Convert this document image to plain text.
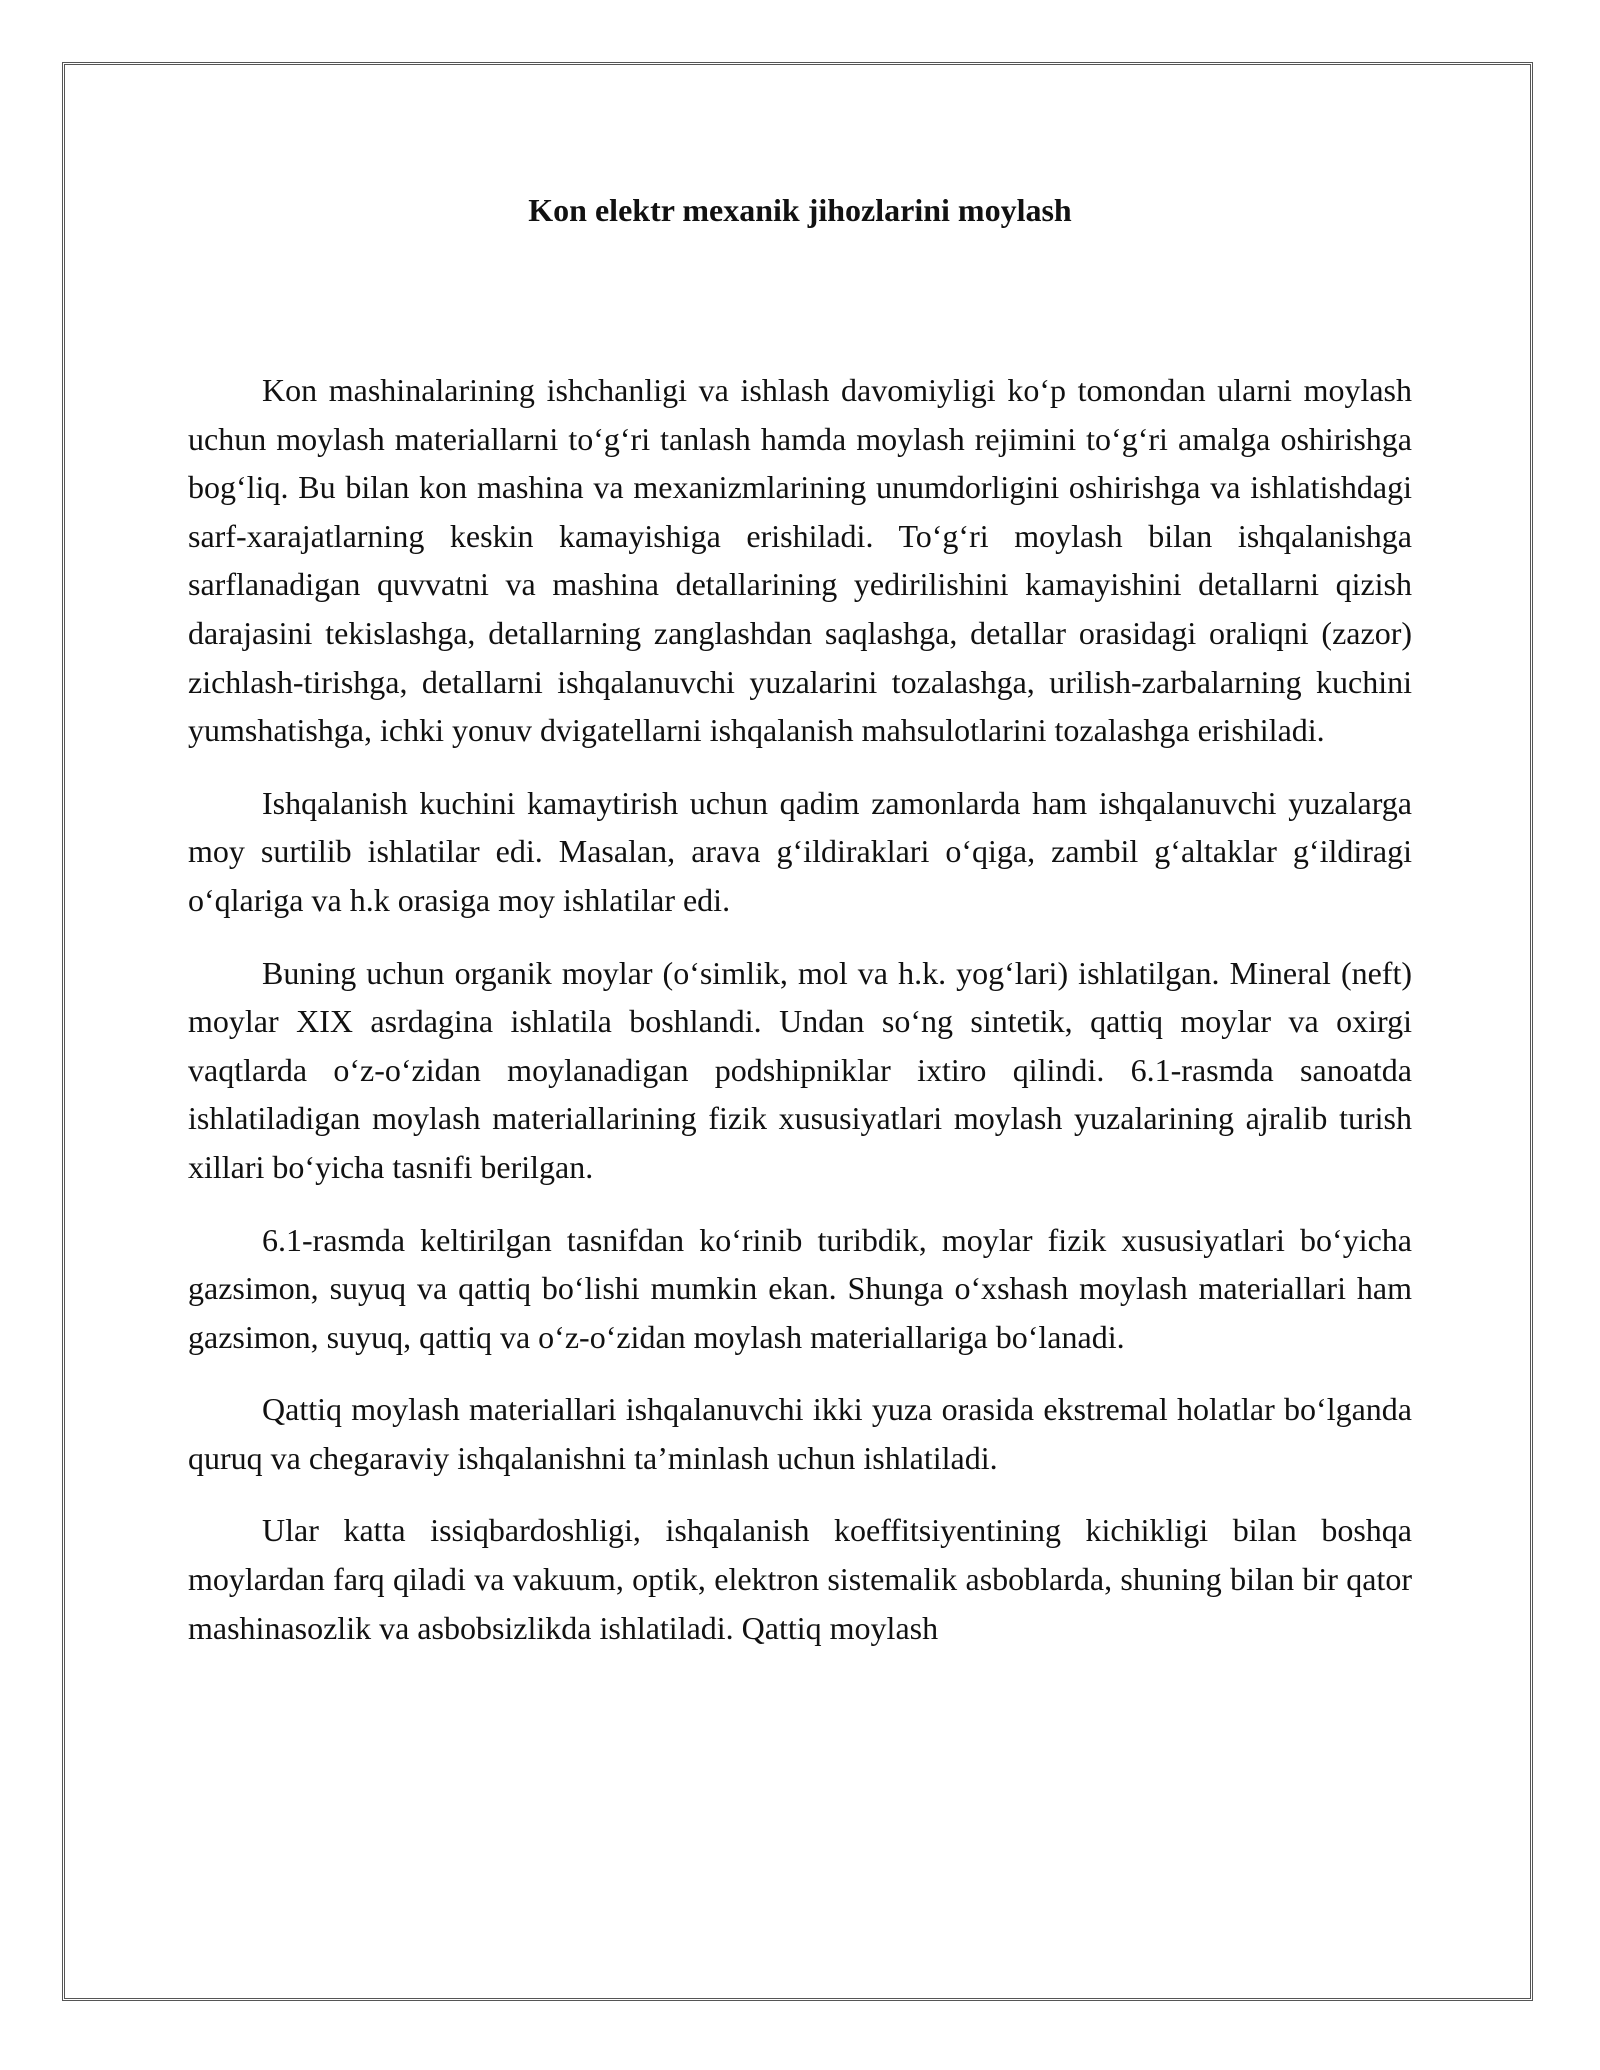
Kon elektr mexanik jihozlarini moylash

Kon mashinalarining ishchanligi va ishlash davomiyligi koʻp tomondan ularni moylash uchun moylash materiallarni toʻgʻri tanlash hamda moylash rejimini toʻgʻri amalga oshirishga bogʻliq. Bu bilan kon mashina va mexanizmlarining unumdorligini oshirishga va ishlatishdagi sarf-xarajatlarning keskin kamayishiga erishiladi. Toʻgʻri moylash bilan ishqalanishga sarflanadigan quvvatni va mashina detallarining yedirilishini kamayishini detallarni qizish darajasini tekislashga, detallarning zanglashdan saqlashga, detallar orasidagi oraliqni (zazor) zichlash-tirishga, detallarni ishqalanuvchi yuzalarini tozalashga, urilish-zarbalarning kuchini yumshatishga, ichki yonuv dvigatellarni ishqalanish mahsulotlarini tozalashga erishiladi.

Ishqalanish kuchini kamaytirish uchun qadim zamonlarda ham ishqalanuvchi yuzalarga moy surtilib ishlatilar edi. Masalan, arava gʻildiraklari oʻqiga, zambil gʻaltaklar gʻildiragi oʻqlariga va h.k orasiga moy ishlatilar edi.

Buning uchun organik moylar (oʻsimlik, mol va h.k. yogʻlari) ishlatilgan. Mineral (neft) moylar XIX asrdagina ishlatila boshlandi. Undan soʻng sintetik, qattiq moylar va oxirgi vaqtlarda oʻz-oʻzidan moylanadigan podshipniklar ixtiro qilindi. 6.1-rasmda sanoatda ishlatiladigan moylash materiallarining fizik xususiyatlari moylash yuzalarining ajralib turish xillari boʻyicha tasnifi berilgan.

6.1-rasmda keltirilgan tasnifdan koʻrinib turibdik, moylar fizik xususiyatlari boʻyicha gazsimon, suyuq va qattiq boʻlishi mumkin ekan. Shunga oʻxshash moylash materiallari ham gazsimon, suyuq, qattiq va oʻz-oʻzidan moylash materiallariga boʻlanadi.

Qattiq moylash materiallari ishqalanuvchi ikki yuza orasida ekstremal holatlar boʻlganda quruq va chegaraviy ishqalanishni ta’minlash uchun ishlatiladi.

Ular katta issiqbardoshligi, ishqalanish koeffitsiyentining kichikligi bilan boshqa moylardan farq qiladi va vakuum, optik, elektron sistemalik asboblarda, shuning bilan bir qator mashinasozlik va asbobsizlikda ishlatiladi. Qattiq moylash
